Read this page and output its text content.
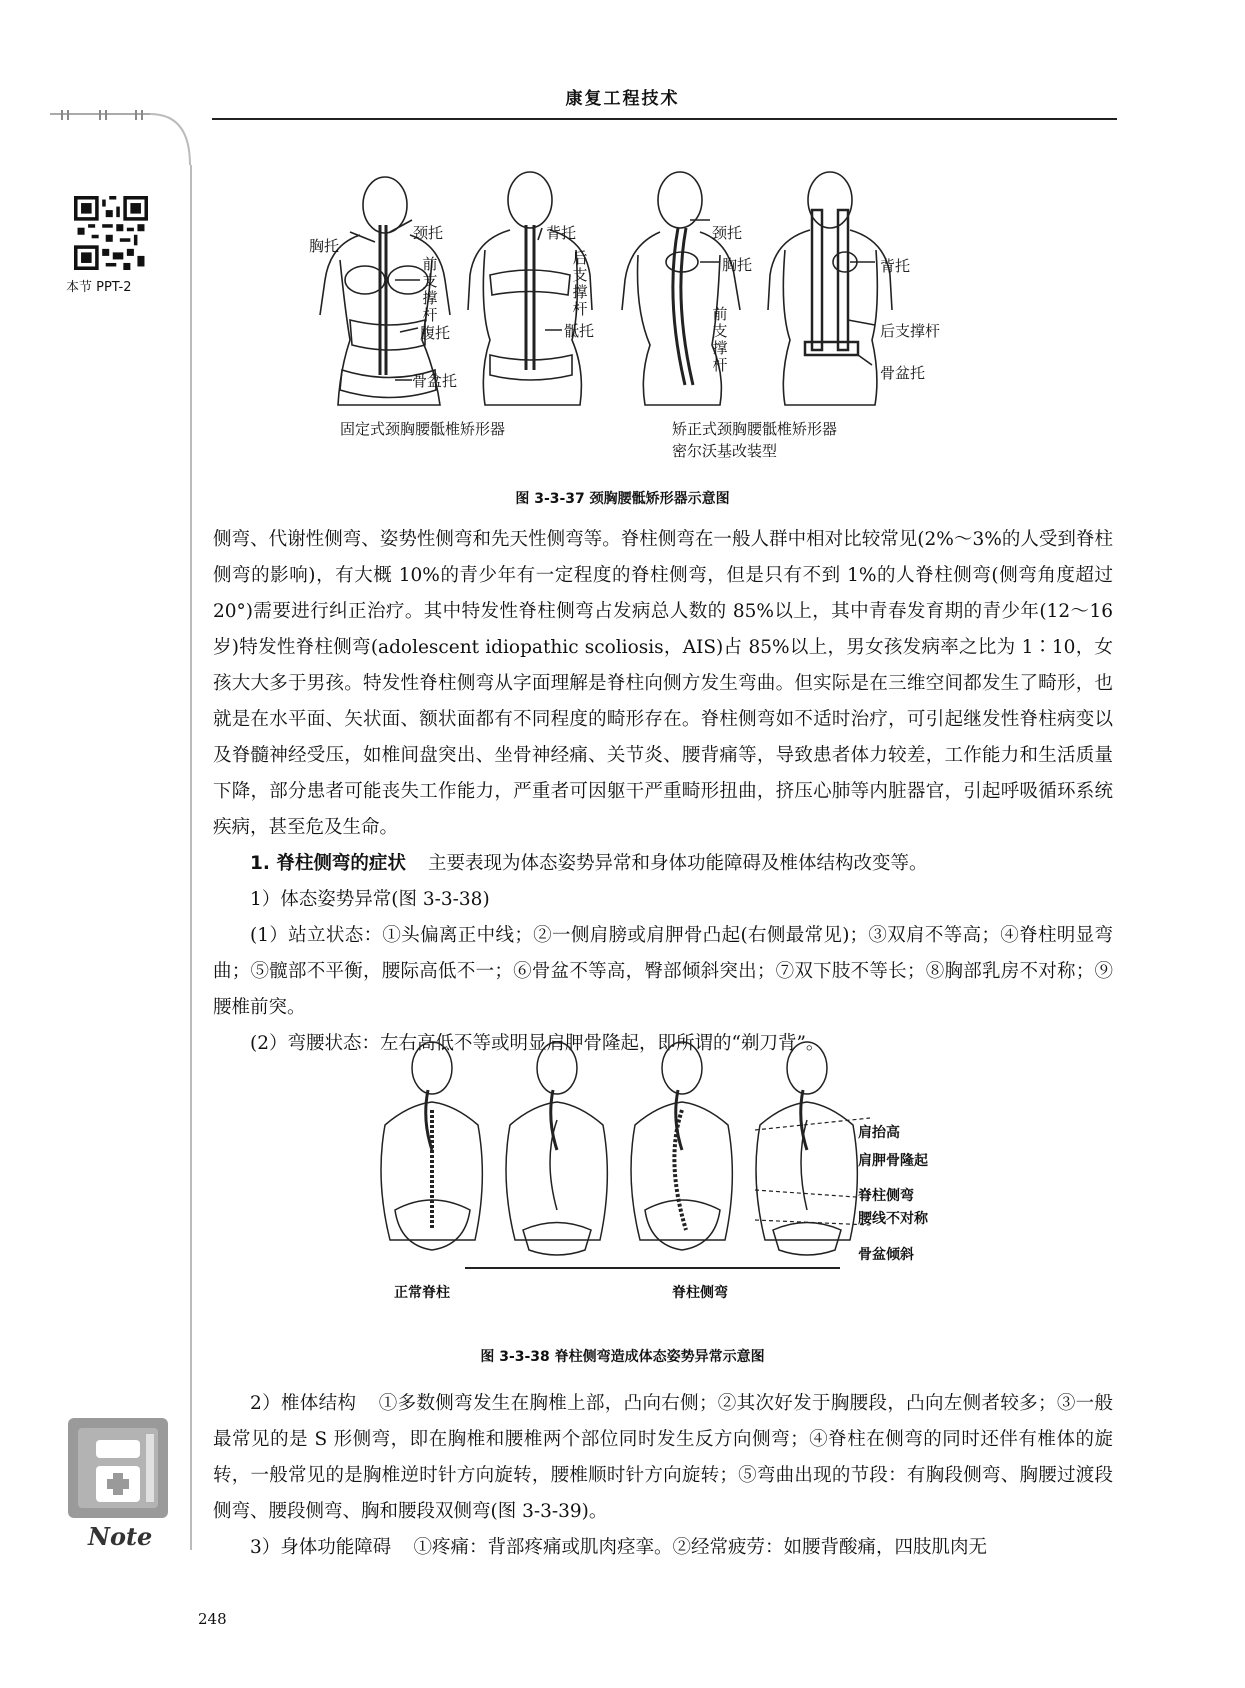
康复工程技术
本节 PPT-2
胸托
颈托
前支撑杆
腹托
骨盆托
背托
后支撑杆
骶托
颈托
胸托
前支撑杆
背托
后支撑杆
骨盆托
固定式颈胸腰骶椎矫形器	矫正式颈胸腰骶椎矫形器
密尔沃基改装型
图 3-3-37 颈胸腰骶矫形器示意图

侧弯、代谢性侧弯、姿势性侧弯和先天性侧弯等。脊柱侧弯在一般人群中相对比较常见(2%～3%的人受到脊柱侧弯的影响)，有大概 10%的青少年有一定程度的脊柱侧弯，但是只有不到 1%的人脊柱侧弯(侧弯角度超过 20°)需要进行纠正治疗。其中特发性脊柱侧弯占发病总人数的 85%以上，其中青春发育期的青少年(12～16 岁)特发性脊柱侧弯(adolescent idiopathic scoliosis，AIS)占 85%以上，男女孩发病率之比为 1∶10，女孩大大多于男孩。特发性脊柱侧弯从字面理解是脊柱向侧方发生弯曲。但实际是在三维空间都发生了畸形，也就是在水平面、矢状面、额状面都有不同程度的畸形存在。脊柱侧弯如不适时治疗，可引起继发性脊柱病变以及脊髓神经受压，如椎间盘突出、坐骨神经痛、关节炎、腰背痛等，导致患者体力较差，工作能力和生活质量下降，部分患者可能丧失工作能力，严重者可因躯干严重畸形扭曲，挤压心肺等内脏器官，引起呼吸循环系统疾病，甚至危及生命。

1. 脊柱侧弯的症状 主要表现为体态姿势异常和身体功能障碍及椎体结构改变等。

1）体态姿势异常(图 3-3-38)

(1）站立状态：①头偏离正中线；②一侧肩膀或肩胛骨凸起(右侧最常见)；③双肩不等高；④脊柱明显弯曲；⑤髋部不平衡，腰际高低不一；⑥骨盆不等高，臀部倾斜突出；⑦双下肢不等长；⑧胸部乳房不对称；⑨腰椎前突。

(2）弯腰状态：左右高低不等或明显肩胛骨隆起，即所谓的“剃刀背”。

肩抬高
肩胛骨隆起
脊柱侧弯
腰线不对称
骨盆倾斜
正常脊柱	脊柱侧弯
图 3-3-38 脊柱侧弯造成体态姿势异常示意图

2）椎体结构 ①多数侧弯发生在胸椎上部，凸向右侧；②其次好发于胸腰段，凸向左侧者较多；③一般最常见的是 S 形侧弯，即在胸椎和腰椎两个部位同时发生反方向侧弯；④脊柱在侧弯的同时还伴有椎体的旋转，一般常见的是胸椎逆时针方向旋转，腰椎顺时针方向旋转；⑤弯曲出现的节段：有胸段侧弯、胸腰过渡段侧弯、腰段侧弯、胸和腰段双侧弯(图 3-3-39)。

3）身体功能障碍 ①疼痛：背部疼痛或肌肉痉挛。②经常疲劳：如腰背酸痛，四肢肌肉无

Note
248
